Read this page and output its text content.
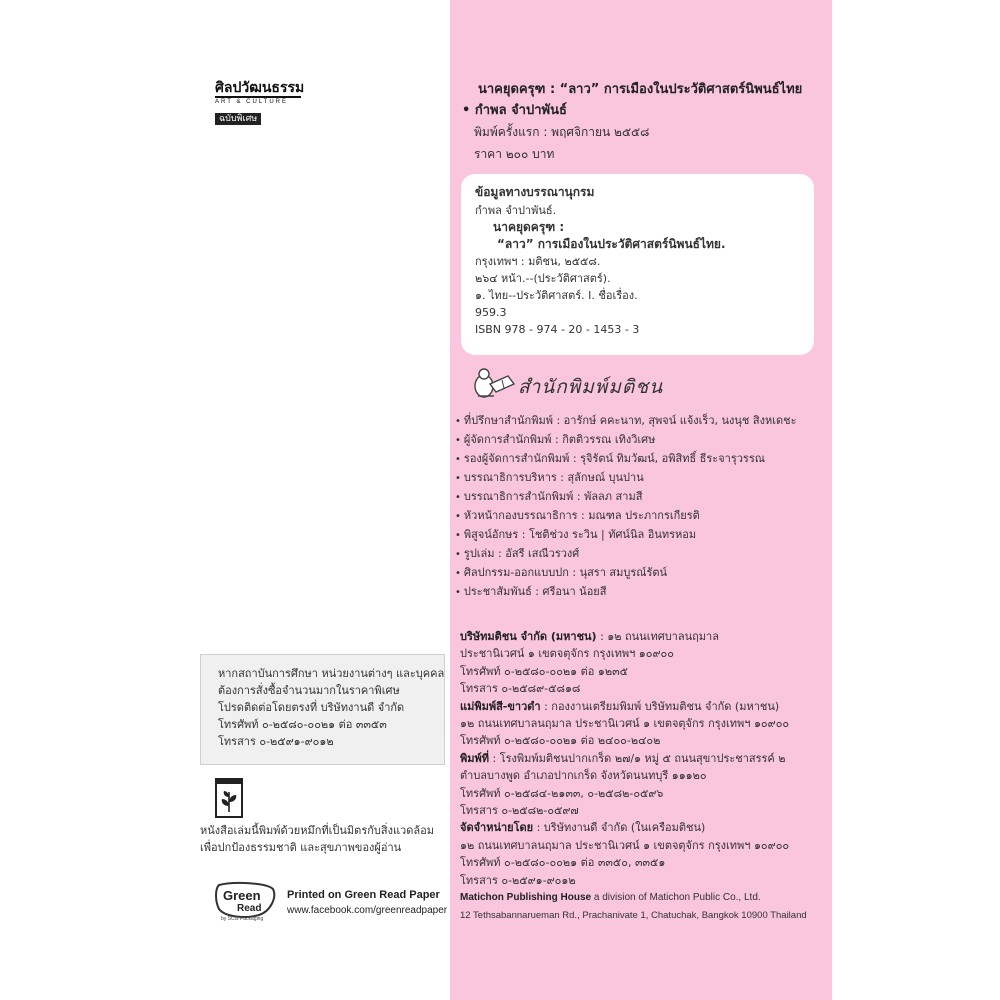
ศิลปวัฒนธรรม
ART & CULTURE
ฉบับพิเศษ
หากสถาบันการศึกษา หน่วยงานต่างๆ และบุคคล
ต้องการสั่งซื้อจำนวนมากในราคาพิเศษ
โปรดติดต่อโดยตรงที่ บริษัทงานดี จำกัด
โทรศัพท์ ๐-๒๕๘๐-๐๐๒๑ ต่อ ๓๓๕๓
โทรสาร ๐-๒๕๙๑-๙๐๑๒
หนังสือเล่มนี้พิมพ์ด้วยหมึกที่เป็นมิตรกับสิ่งแวดล้อม
เพื่อปกป้องธรรมชาติ และสุขภาพของผู้อ่าน
Green
Read
by SCG Packaging
Printed on Green Read Paper
www.facebook.com/greenreadpaper
นาคยุดครุฑ : “ลาว” การเมืองในประวัติศาสตร์นิพนธ์ไทย
• กำพล จำปาพันธ์
พิมพ์ครั้งแรก : พฤศจิกายน ๒๕๕๘
ราคา ๒๐๐ บาท
ข้อมูลทางบรรณานุกรม
กำพล จำปาพันธ์.
นาคยุดครุฑ :
“ลาว” การเมืองในประวัติศาสตร์นิพนธ์ไทย.
กรุงเทพฯ : มติชน, ๒๕๕๘.
๒๖๔ หน้า.--(ประวัติศาสตร์).
๑. ไทย--ประวัติศาสตร์. I. ชื่อเรื่อง.
959.3
ISBN 978 - 974 - 20 - 1453 - 3
สำนักพิมพ์มติชน
• ที่ปรึกษาสำนักพิมพ์ : อารักษ์ คคะนาท, สุพจน์ แจ้งเร็ว, นงนุช สิงหเดชะ
• ผู้จัดการสำนักพิมพ์ : กิตติวรรณ เทิงวิเศษ
• รองผู้จัดการสำนักพิมพ์ : รุจิรัตน์ ทิมวัฒน์, อพิสิทธิ์ ธีระจารุวรรณ
• บรรณาธิการบริหาร : สุลักษณ์ บุนปาน
• บรรณาธิการสำนักพิมพ์ : พัลลภ สามสี
• หัวหน้ากองบรรณาธิการ : มณฑล ประภากรเกียรติ
• พิสูจน์อักษร : โชติช่วง ระวิน | ทัศน์นิล อินทรหอม
• รูปเล่ม : อัสรี เสณีวรวงศ์
• ศิลปกรรม-ออกแบบปก : นุสรา สมบูรณ์รัตน์
• ประชาสัมพันธ์ : ศรีอนา น้อยสี
บริษัทมติชน จำกัด (มหาชน) : ๑๒ ถนนเทศบาลนฤมาล
ประชานิเวศน์ ๑ เขตจตุจักร กรุงเทพฯ ๑๐๙๐๐
โทรศัพท์ ๐-๒๕๘๐-๐๐๒๑ ต่อ ๑๒๓๕
โทรสาร ๐-๒๕๘๙-๕๘๑๘
แม่พิมพ์สี-ขาวดำ : กองงานเตรียมพิมพ์ บริษัทมติชน จำกัด (มหาชน)
๑๒ ถนนเทศบาลนฤมาล ประชานิเวศน์ ๑ เขตจตุจักร กรุงเทพฯ ๑๐๙๐๐
โทรศัพท์ ๐-๒๕๘๐-๐๐๒๑ ต่อ ๒๔๐๐-๒๔๐๒
พิมพ์ที่ : โรงพิมพ์มติชนปากเกร็ด ๒๗/๑ หมู่ ๕ ถนนสุขาประชาสรรค์ ๒
ตำบลบางพูด อำเภอปากเกร็ด จังหวัดนนทบุรี ๑๑๑๒๐
โทรศัพท์ ๐-๒๕๘๔-๒๑๓๓, ๐-๒๕๘๒-๐๕๙๖
โทรสาร ๐-๒๕๘๒-๐๕๙๗
จัดจำหน่ายโดย : บริษัทงานดี จำกัด (ในเครือมติชน)
๑๒ ถนนเทศบาลนฤมาล ประชานิเวศน์ ๑ เขตจตุจักร กรุงเทพฯ ๑๐๙๐๐
โทรศัพท์ ๐-๒๕๘๐-๐๐๒๑ ต่อ ๓๓๕๐, ๓๓๕๑
โทรสาร ๐-๒๕๙๑-๙๐๑๒
Matichon Publishing House a division of Matichon Public Co., Ltd.
12 Tethsabannarueman Rd., Prachanivate 1, Chatuchak, Bangkok 10900 Thailand
